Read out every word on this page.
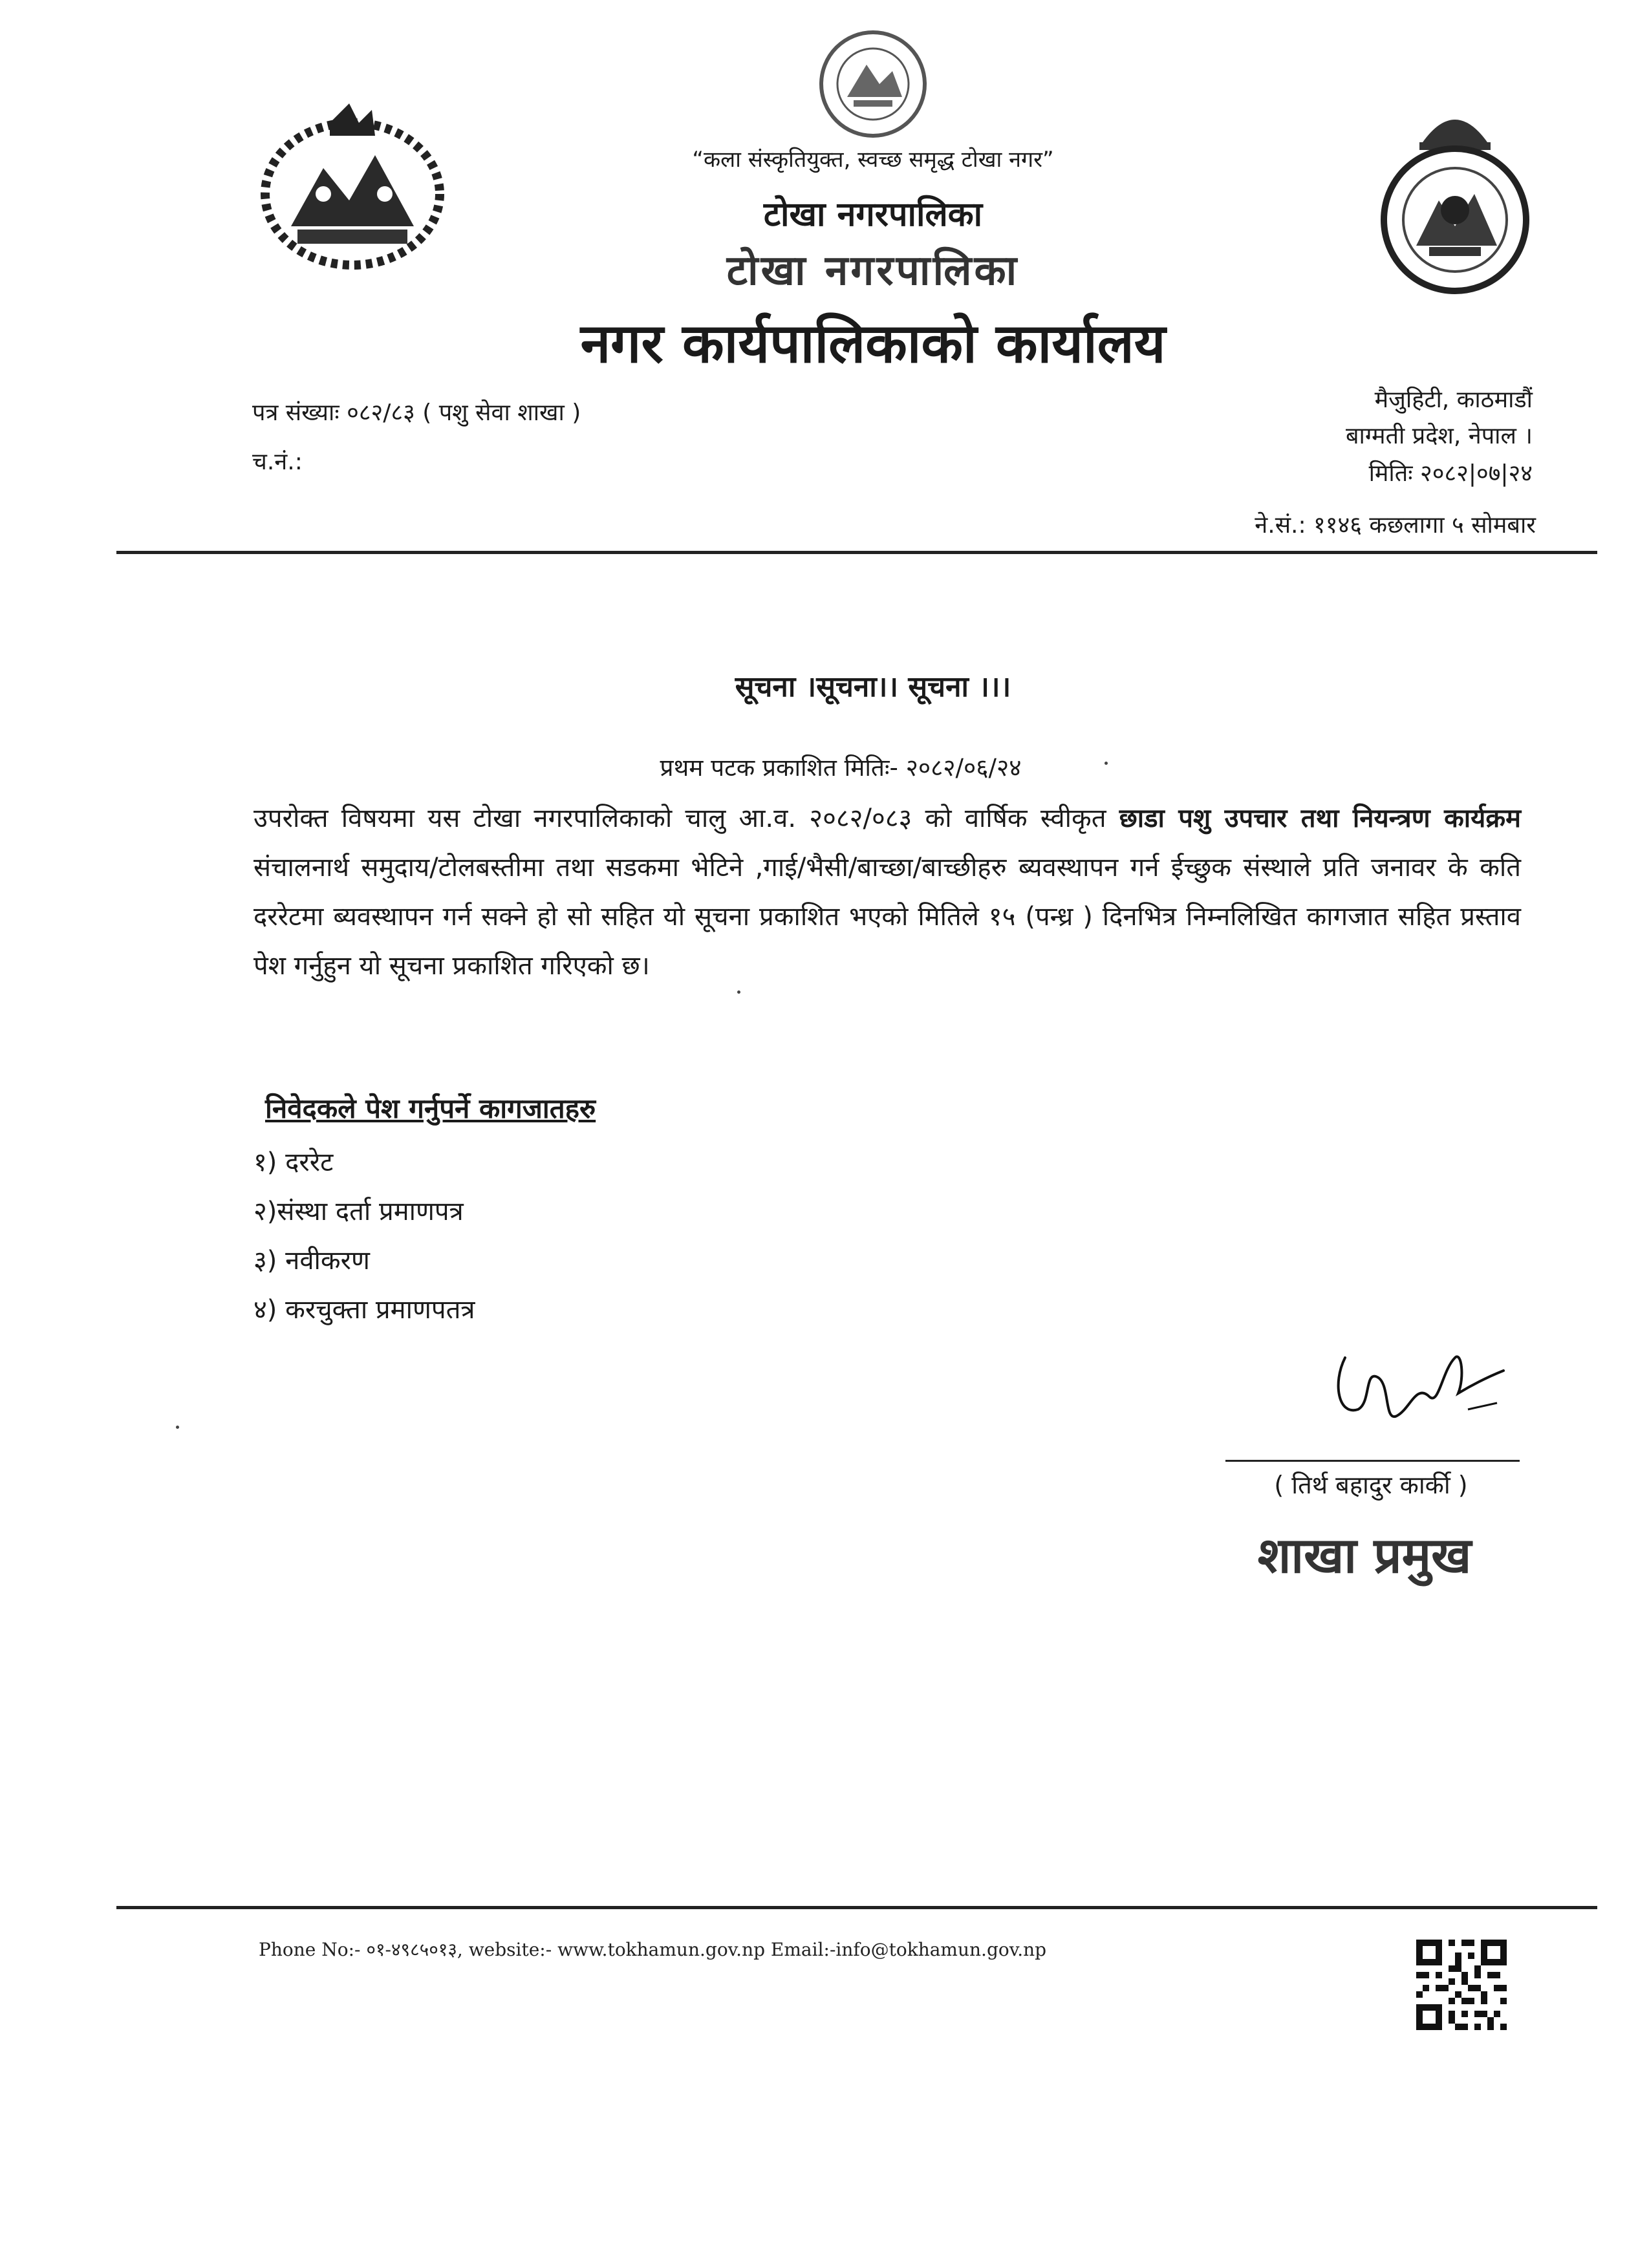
“कला संस्कृतियुक्त, स्वच्छ समृद्ध टोखा नगर”
टोखा नगरपालिका
टोखा नगरपालिका
नगर कार्यपालिकाको कार्यालय
पत्र संख्याः ०८२/८३ ( पशु सेवा शाखा )
च.नं.:
मैजुहिटी, काठमाडौं
बाग्मती प्रदेश, नेपाल ।
मितिः २०८२|०७|२४
ने.सं.: ११४६ कछलागा ५ सोमबार
सूचना ।सूचना।। सूचना ।।।
प्रथम पटक प्रकाशित मितिः- २०८२/०६/२४
उपरोक्त विषयमा यस टोखा नगरपालिकाको चालु आ.व. २०८२/०८३ को वार्षिक स्वीकृत छाडा पशु उपचार तथा नियन्त्रण कार्यक्रम संचालनार्थ समुदाय/टोलबस्तीमा तथा सडकमा भेटिने ,गाई/भैसी/बाच्छा/बाच्छीहरु ब्यवस्थापन गर्न ईच्छुक संस्थाले प्रति जनावर के कति दररेटमा ब्यवस्थापन गर्न सक्ने हो सो सहित यो सूचना प्रकाशित भएको मितिले १५ (पन्ध्र ) दिनभित्र निम्नलिखित कागजात सहित प्रस्ताव पेश गर्नुहुन यो सूचना प्रकाशित गरिएको छ।
निवेदकले पेश गर्नुपर्ने कागजातहरु
१) दररेट
२)संस्था दर्ता प्रमाणपत्र
३) नवीकरण
४) करचुक्ता प्रमाणपतत्र
( तिर्थ बहादुर कार्की )
शाखा प्रमुख
Phone No:- ०१-४९८५०१३, website:- www.tokhamun.gov.np Email:-info@tokhamun.gov.np
